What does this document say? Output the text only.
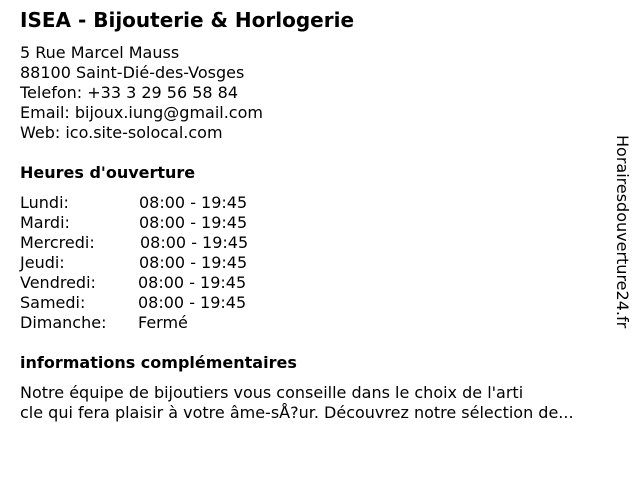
ISEA - Bijouterie & Horlogerie
5 Rue Marcel Mauss
88100 Saint-Dié-des-Vosges
Telefon: +33 3 29 56 58 84
Email: bijoux.iung@gmail.com
Web: ico.site-solocal.com
Heures d'ouverture
Lundi:	08:00 - 19:45
Mardi:	08:00 - 19:45
Mercredi:	08:00 - 19:45
Jeudi:	08:00 - 19:45
Vendredi:	08:00 - 19:45
Samedi:	08:00 - 19:45
Dimanche: Fermé
informations complémentaires
Notre équipe de bijoutiers vous conseille dans le choix de l'arti
cle qui fera plaisir à votre âme-sÅ?ur. Découvrez notre sélection de...
Horairesdouverture24.fr
